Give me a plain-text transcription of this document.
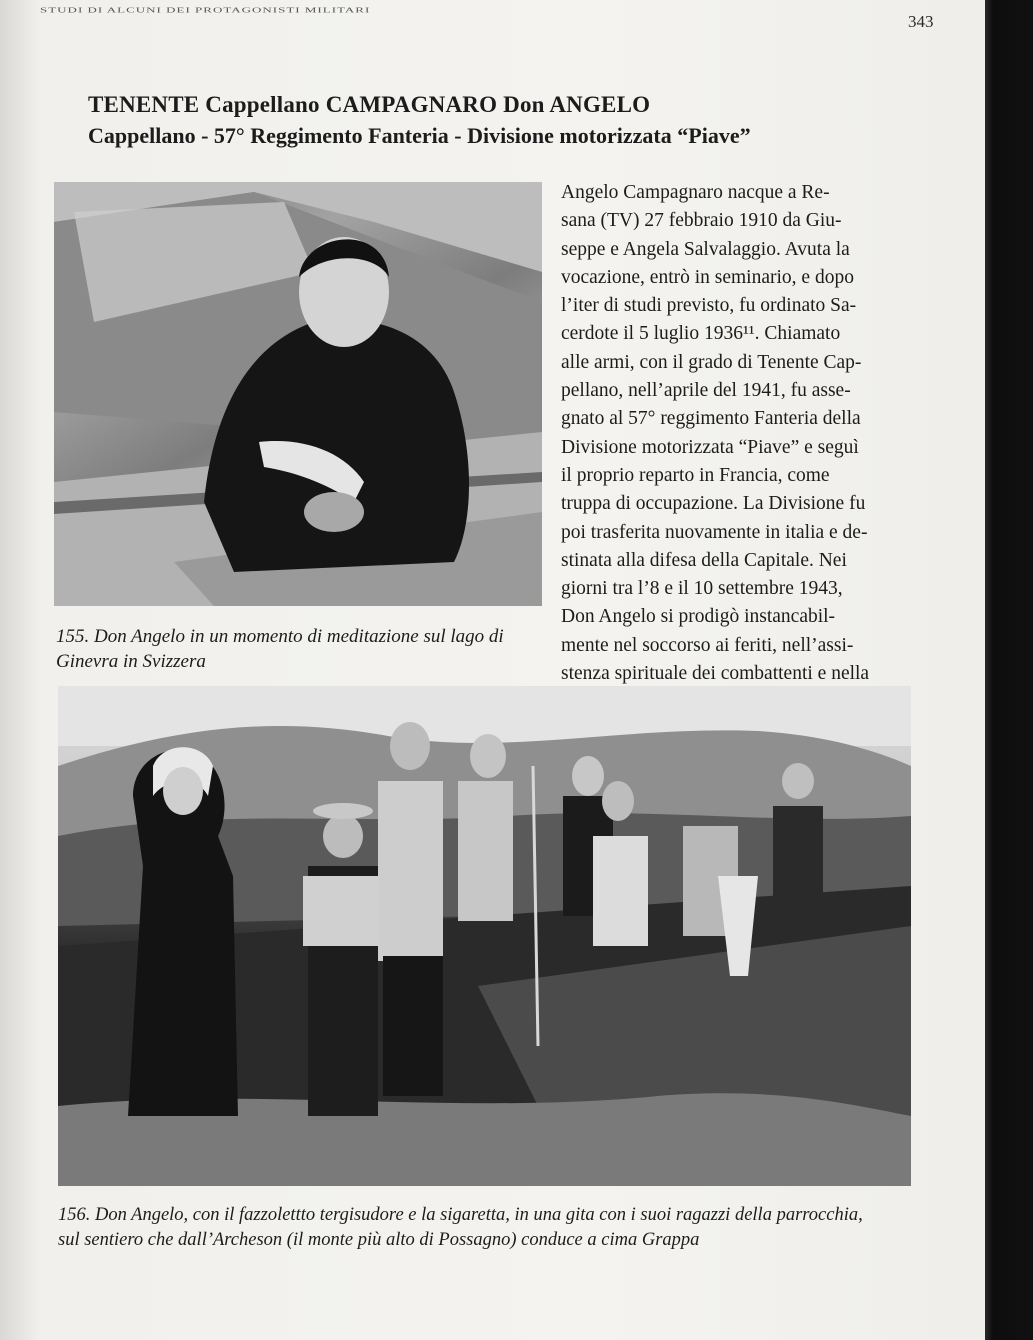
STUDI DI ALCUNI DEI PROTAGONISTI MILITARI
343
TENENTE Cappellano CAMPAGNARO Don ANGELO
Cappellano - 57° Reggimento Fanteria - Divisione motorizzata “Piave”
155. Don Angelo in un momento di meditazione sul lago di
Ginevra in Svizzera
Angelo Campagnaro nacque a Re-
sana (TV) 27 febbraio 1910 da Giu-
seppe e Angela Salvalaggio. Avuta la
vocazione, entrò in seminario, e dopo
l’iter di studi previsto, fu ordinato Sa-
cerdote il 5 luglio 1936¹¹. Chiamato
alle armi, con il grado di Tenente Cap-
pellano, nell’aprile del 1941, fu asse-
gnato al 57° reggimento Fanteria della
Divisione motorizzata “Piave” e seguì
il proprio reparto in Francia, come
truppa di occupazione. La Divisione fu
poi trasferita nuovamente in italia e de-
stinata alla difesa della Capitale. Nei
giorni tra l’8 e il 10 settembre 1943,
Don Angelo si prodigò instancabil-
mente nel soccorso ai feriti, nell’assi-
stenza spirituale dei combattenti e nella
156. Don Angelo, con il fazzolettto tergisudore e la sigaretta, in una gita con i suoi ragazzi della parrocchia,
sul sentiero che dall’Archeson (il monte più alto di Possagno) conduce a cima Grappa
